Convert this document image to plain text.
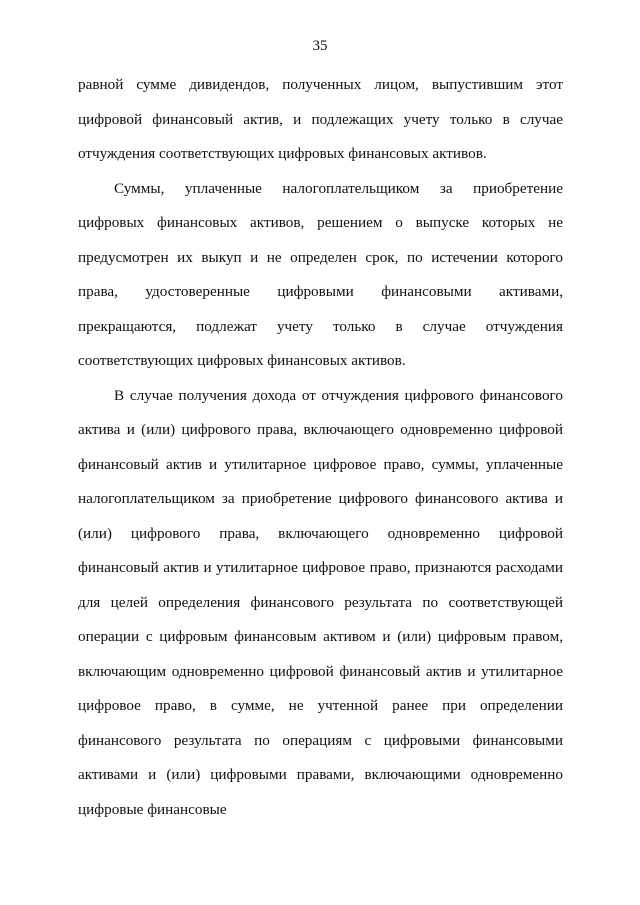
35

равной сумме дивидендов, полученных лицом, выпустившим этот цифровой финансовый актив, и подлежащих учету только в случае отчуждения соответствующих цифровых финансовых активов.

Суммы, уплаченные налогоплательщиком за приобретение цифровых финансовых активов, решением о выпуске которых не предусмотрен их выкуп и не определен срок, по истечении которого права, удостоверенные цифровыми финансовыми активами, прекращаются, подлежат учету только в случае отчуждения соответствующих цифровых финансовых активов.

В случае получения дохода от отчуждения цифрового финансового актива и (или) цифрового права, включающего одновременно цифровой финансовый актив и утилитарное цифровое право, суммы, уплаченные налогоплательщиком за приобретение цифрового финансового актива и (или) цифрового права, включающего одновременно цифровой финансовый актив и утилитарное цифровое право, признаются расходами для целей определения финансового результата по соответствующей операции с цифровым финансовым активом и (или) цифровым правом, включающим одновременно цифровой финансовый актив и утилитарное цифровое право, в сумме, не учтенной ранее при определении финансового результата по операциям с цифровыми финансовыми активами и (или) цифровыми правами, включающими одновременно цифровые финансовые
